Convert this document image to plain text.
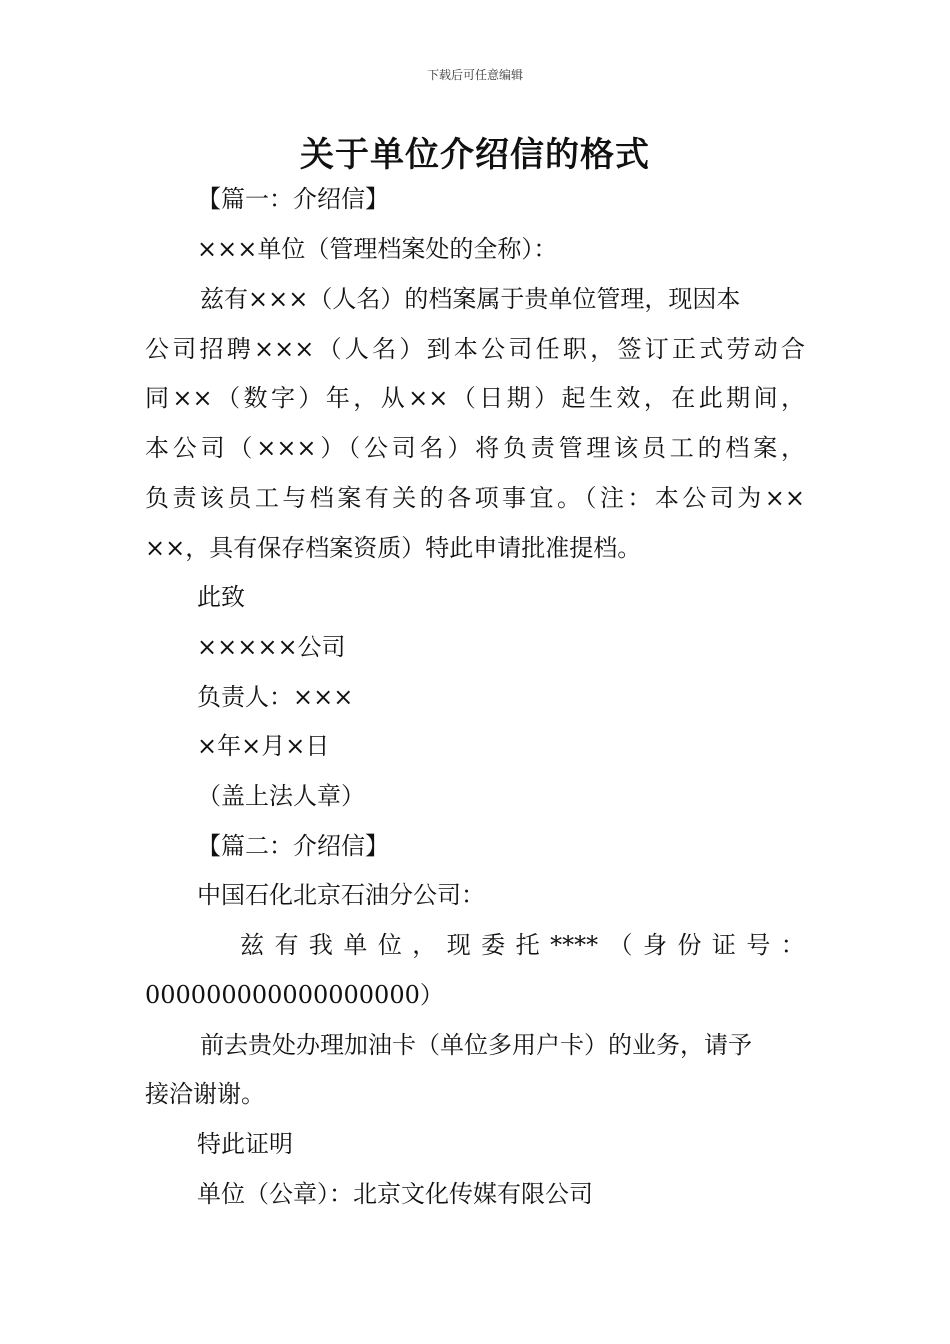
下载后可任意编辑
关于单位介绍信的格式
【篇一：介绍信】
×××单位（管理档案处的全称）：
兹有×××（人名）的档案属于贵单位管理，现因本
公司招聘×××（人名）到本公司任职，签订正式劳动合
同××（数字）年，从××（日期）起生效，在此期间，
本公司（×××）（公司名）将负责管理该员工的档案，
负责该员工与档案有关的各项事宜。（注：本公司为××
××，具有保存档案资质）特此申请批准提档。
此致
×××××公司
负责人：×××
×年×月×日
（盖上法人章）
【篇二：介绍信】
中国石化北京石油分公司：
兹 有 我 单 位 ， 现 委 托 **** （ 身 份 证 号 ：
000000000000000000）
前去贵处办理加油卡（单位多用户卡）的业务，请予
接洽谢谢。
特此证明
单位（公章）：北京文化传媒有限公司
